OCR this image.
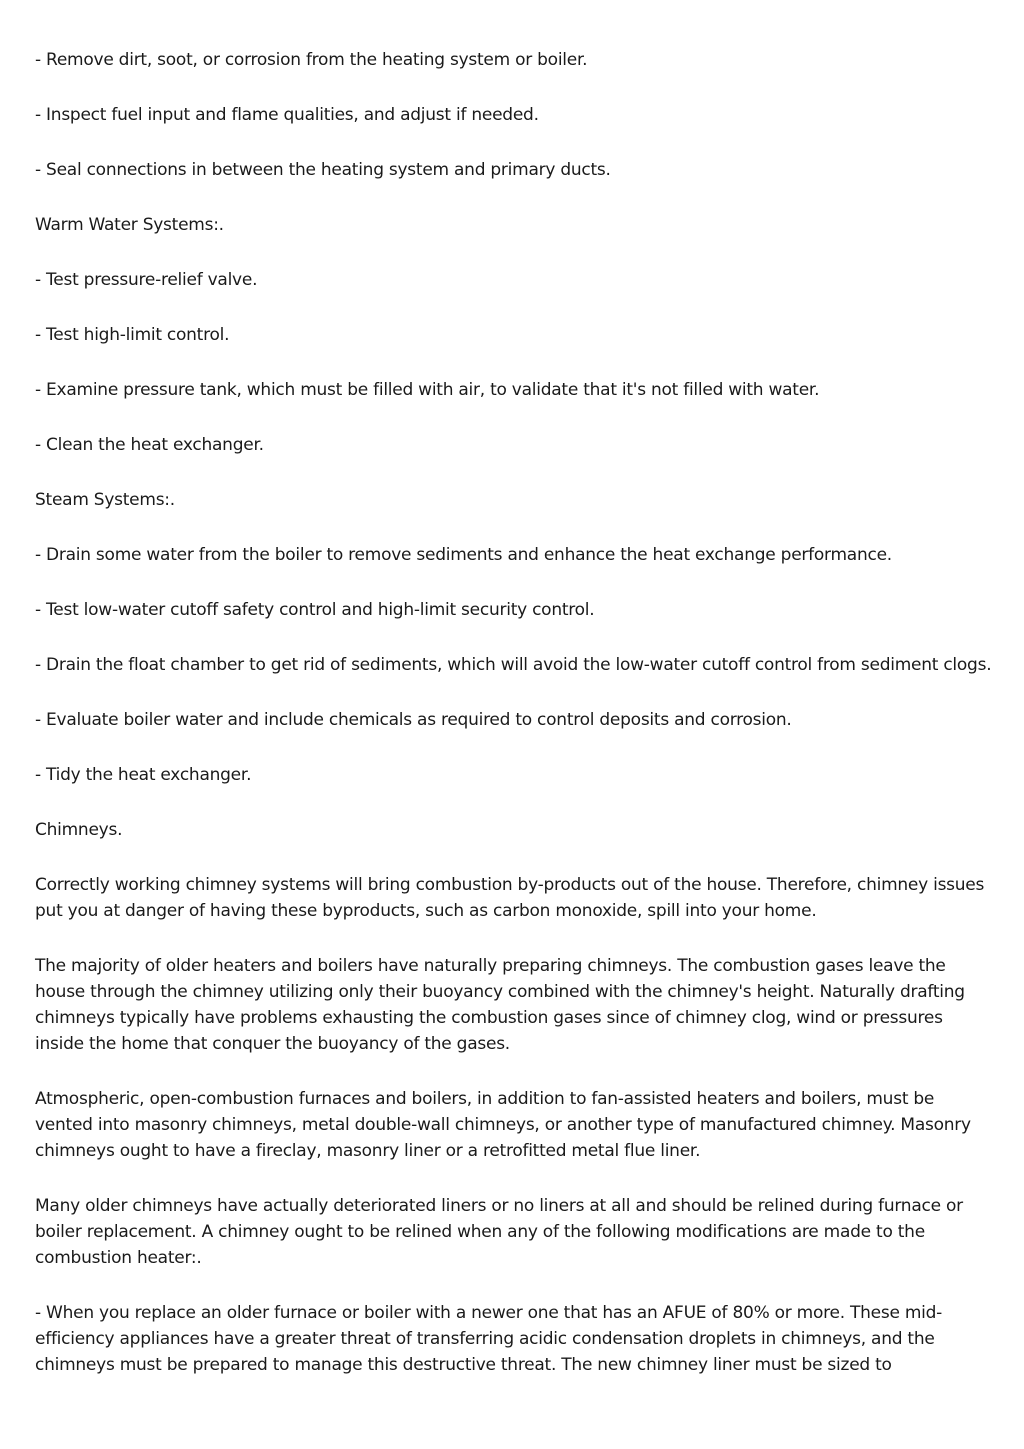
- Remove dirt, soot, or corrosion from the heating system or boiler.

- Inspect fuel input and flame qualities, and adjust if needed.

- Seal connections in between the heating system and primary ducts.

Warm Water Systems:.

- Test pressure-relief valve.

- Test high-limit control.

- Examine pressure tank, which must be filled with air, to validate that it's not filled with water.

- Clean the heat exchanger.

Steam Systems:.

- Drain some water from the boiler to remove sediments and enhance the heat exchange performance.

- Test low-water cutoff safety control and high-limit security control.

- Drain the float chamber to get rid of sediments, which will avoid the low-water cutoff control from sediment clogs.

- Evaluate boiler water and include chemicals as required to control deposits and corrosion.

- Tidy the heat exchanger.

Chimneys.

Correctly working chimney systems will bring combustion by-products out of the house. Therefore, chimney issues put you at danger of having these byproducts, such as carbon monoxide, spill into your home.

The majority of older heaters and boilers have naturally preparing chimneys. The combustion gases leave the house through the chimney utilizing only their buoyancy combined with the chimney's height. Naturally drafting chimneys typically have problems exhausting the combustion gases since of chimney clog, wind or pressures inside the home that conquer the buoyancy of the gases.

Atmospheric, open-combustion furnaces and boilers, in addition to fan-assisted heaters and boilers, must be vented into masonry chimneys, metal double-wall chimneys, or another type of manufactured chimney. Masonry chimneys ought to have a fireclay, masonry liner or a retrofitted metal flue liner.

Many older chimneys have actually deteriorated liners or no liners at all and should be relined during furnace or boiler replacement. A chimney ought to be relined when any of the following modifications are made to the combustion heater:.

- When you replace an older furnace or boiler with a newer one that has an AFUE of 80% or more. These mid-efficiency appliances have a greater threat of transferring acidic condensation droplets in chimneys, and the chimneys must be prepared to manage this destructive threat. The new chimney liner must be sized to
